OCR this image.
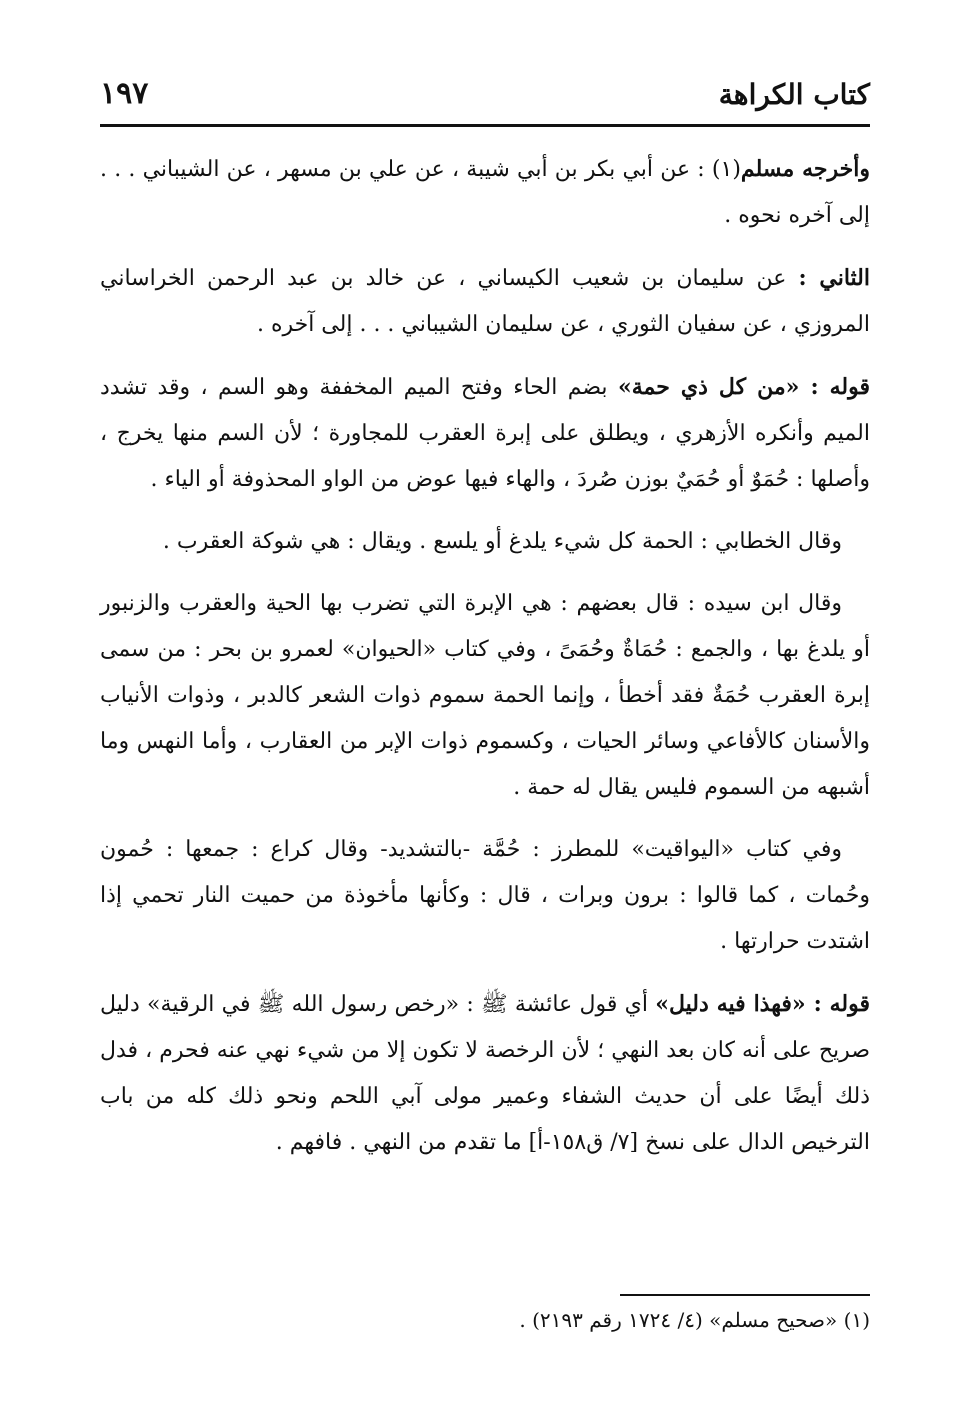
كتاب الكراهة
١٩٧

وأخرجه مسلم(١) : عن أبي بكر بن أبي شيبة ، عن علي بن مسهر ، عن الشيباني . . . إلى آخره نحوه .

الثاني : عن سليمان بن شعيب الكيساني ، عن خالد بن عبد الرحمن الخراساني المروزي ، عن سفيان الثوري ، عن سليمان الشيباني . . . إلى آخره .

قوله : «من كل ذي حمة» بضم الحاء وفتح الميم المخففة وهو السم ، وقد تشدد الميم وأنكره الأزهري ، ويطلق على إبرة العقرب للمجاورة ؛ لأن السم منها يخرج ، وأصلها : حُمَوٌ أو حُمَيٌ بوزن صُردَ ، والهاء فيها عوض من الواو المحذوفة أو الياء .

وقال الخطابي : الحمة كل شيء يلدغ أو يلسع . ويقال : هي شوكة العقرب .

وقال ابن سيده : قال بعضهم : هي الإبرة التي تضرب بها الحية والعقرب والزنبور أو يلدغ بها ، والجمع : حُمَاةٌ وحُمَىً ، وفي كتاب «الحيوان» لعمرو بن بحر : من سمى إبرة العقرب حُمَةٌ فقد أخطأ ، وإنما الحمة سموم ذوات الشعر كالدبر ، وذوات الأنياب والأسنان كالأفاعي وسائر الحيات ، وكسموم ذوات الإبر من العقارب ، وأما النهس وما أشبهه من السموم فليس يقال له حمة .

وفي كتاب «اليواقيت» للمطرز : حُمَّة -بالتشديد- وقال كراع : جمعها : حُمون وحُمات ، كما قالوا : برون وبرات ، قال : وكأنها مأخوذة من حميت النار تحمي إذا اشتدت حرارتها .

قوله : «فهذا فيه دليل» أي قول عائشة ﷺ : «رخص رسول الله ﷺ في الرقية» دليل صريح على أنه كان بعد النهي ؛ لأن الرخصة لا تكون إلا من شيء نهي عنه فحرم ، فدل ذلك أيضًا على أن حديث الشفاء وعمير مولى آبي اللحم ونحو ذلك كله من باب الترخيص الدال على نسخ [٧/ ق١٥٨-أ] ما تقدم من النهي . فافهم .

(١) «صحيح مسلم» (٤/ ١٧٢٤ رقم ٢١٩٣) .
